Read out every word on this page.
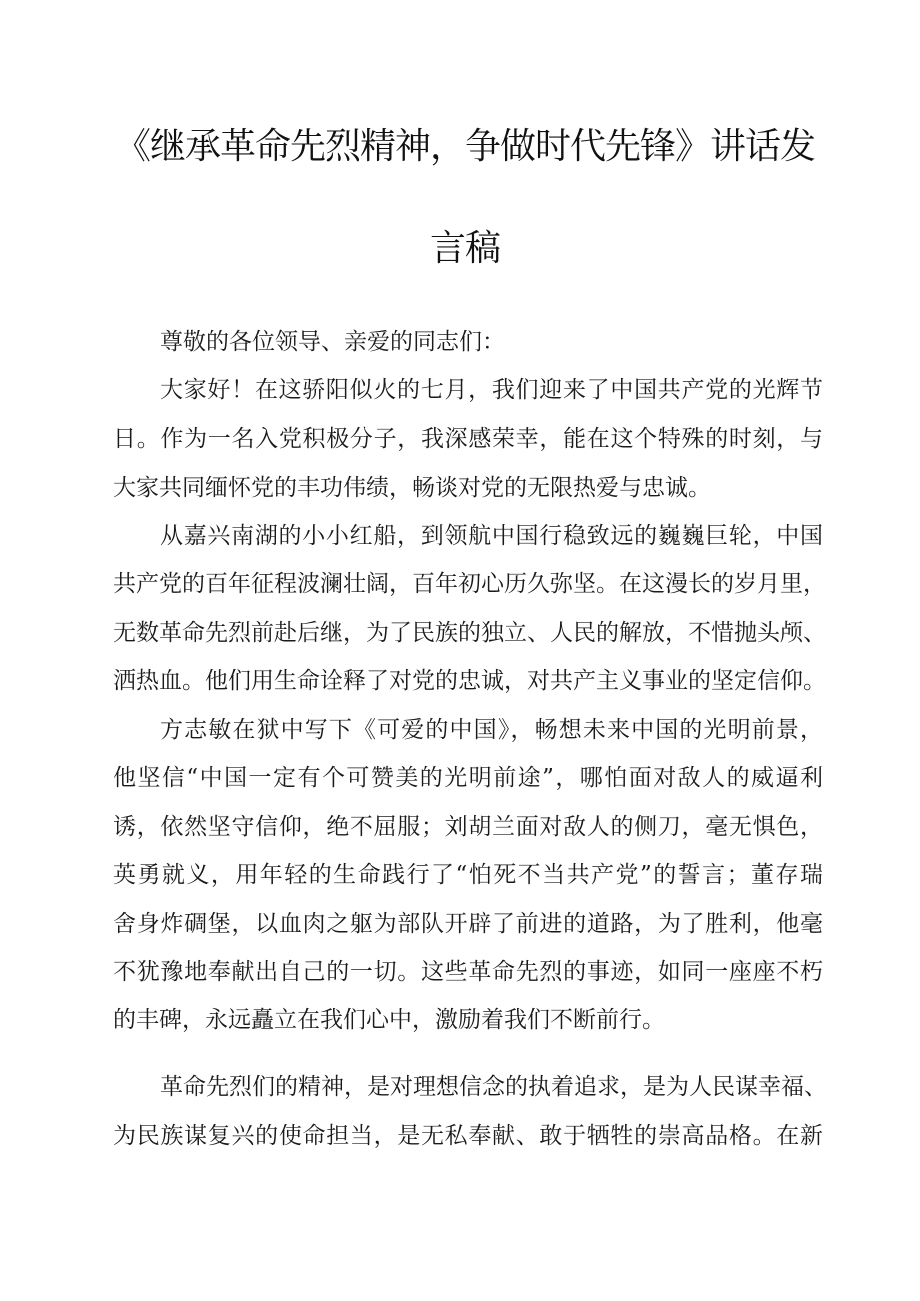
《继承革命先烈精神，争做时代先锋》讲话发
言稿
尊敬的各位领导、亲爱的同志们：
大家好！在这骄阳似火的七月，我们迎来了中国共产党的光辉节
日。作为一名入党积极分子，我深感荣幸，能在这个特殊的时刻，与
大家共同缅怀党的丰功伟绩，畅谈对党的无限热爱与忠诚。
从嘉兴南湖的小小红船，到领航中国行稳致远的巍巍巨轮，中国
共产党的百年征程波澜壮阔，百年初心历久弥坚。在这漫长的岁月里，
无数革命先烈前赴后继，为了民族的独立、人民的解放，不惜抛头颅、
洒热血。他们用生命诠释了对党的忠诚，对共产主义事业的坚定信仰。
方志敏在狱中写下《可爱的中国》，畅想未来中国的光明前景，
他坚信“中国一定有个可赞美的光明前途”，哪怕面对敌人的威逼利
诱，依然坚守信仰，绝不屈服；刘胡兰面对敌人的侧刀，毫无惧色，
英勇就义，用年轻的生命践行了“怕死不当共产党”的誓言；董存瑞
舍身炸碉堡，以血肉之躯为部队开辟了前进的道路，为了胜利，他毫
不犹豫地奉献出自己的一切。这些革命先烈的事迹，如同一座座不朽
的丰碑，永远矗立在我们心中，激励着我们不断前行。
革命先烈们的精神，是对理想信念的执着追求，是为人民谋幸福、
为民族谋复兴的使命担当，是无私奉献、敢于牺牲的崇高品格。在新
